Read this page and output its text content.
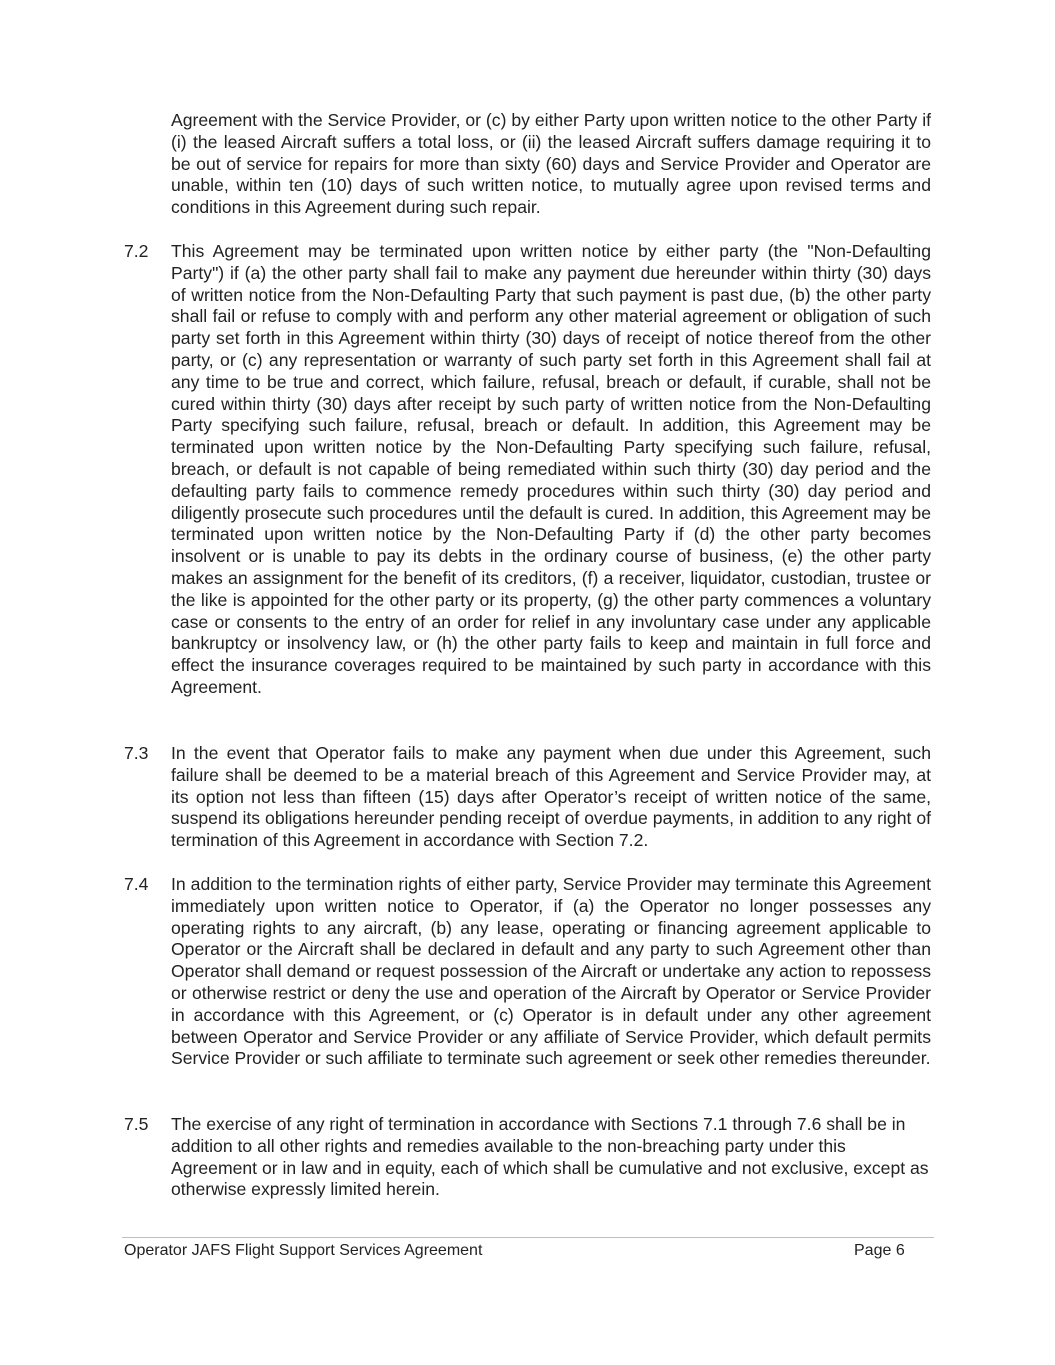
Agreement with the Service Provider, or (c) by either Party upon written notice to the other Party if (i) the leased Aircraft suffers a total loss, or (ii) the leased Aircraft suffers damage requiring it to be out of service for repairs for more than sixty (60) days and Service Provider and Operator are unable, within ten (10) days of such written notice, to mutually agree upon revised terms and conditions in this Agreement during such repair.

7.2 This Agreement may be terminated upon written notice by either party (the "Non-Defaulting Party") if (a) the other party shall fail to make any payment due hereunder within thirty (30) days of written notice from the Non-Defaulting Party that such payment is past due, (b) the other party shall fail or refuse to comply with and perform any other material agreement or obligation of such party set forth in this Agreement within thirty (30) days of receipt of notice thereof from the other party, or (c) any representation or warranty of such party set forth in this Agreement shall fail at any time to be true and correct, which failure, refusal, breach or default, if curable, shall not be cured within thirty (30) days after receipt by such party of written notice from the Non-Defaulting Party specifying such failure, refusal, breach or default. In addition, this Agreement may be terminated upon written notice by the Non-Defaulting Party specifying such failure, refusal, breach, or default is not capable of being remediated within such thirty (30) day period and the defaulting party fails to commence remedy procedures within such thirty (30) day period and diligently prosecute such procedures until the default is cured. In addition, this Agreement may be terminated upon written notice by the Non-Defaulting Party if (d) the other party becomes insolvent or is unable to pay its debts in the ordinary course of business, (e) the other party makes an assignment for the benefit of its creditors, (f) a receiver, liquidator, custodian, trustee or the like is appointed for the other party or its property, (g) the other party commences a voluntary case or consents to the entry of an order for relief in any involuntary case under any applicable bankruptcy or insolvency law, or (h) the other party fails to keep and maintain in full force and effect the insurance coverages required to be maintained by such party in accordance with this Agreement.

7.3 In the event that Operator fails to make any payment when due under this Agreement, such failure shall be deemed to be a material breach of this Agreement and Service Provider may, at its option not less than fifteen (15) days after Operator’s receipt of written notice of the same, suspend its obligations hereunder pending receipt of overdue payments, in addition to any right of termination of this Agreement in accordance with Section 7.2.

7.4 In addition to the termination rights of either party, Service Provider may terminate this Agreement immediately upon written notice to Operator, if (a) the Operator no longer possesses any operating rights to any aircraft, (b) any lease, operating or financing agreement applicable to Operator or the Aircraft shall be declared in default and any party to such Agreement other than Operator shall demand or request possession of the Aircraft or undertake any action to repossess or otherwise restrict or deny the use and operation of the Aircraft by Operator or Service Provider in accordance with this Agreement, or (c) Operator is in default under any other agreement between Operator and Service Provider or any affiliate of Service Provider, which default permits Service Provider or such affiliate to terminate such agreement or seek other remedies thereunder.

7.5 The exercise of any right of termination in accordance with Sections 7.1 through 7.6 shall be in addition to all other rights and remedies available to the non-breaching party under this Agreement or in law and in equity, each of which shall be cumulative and not exclusive, except as otherwise expressly limited herein.

Operator JAFS Flight Support Services Agreement	Page 6
